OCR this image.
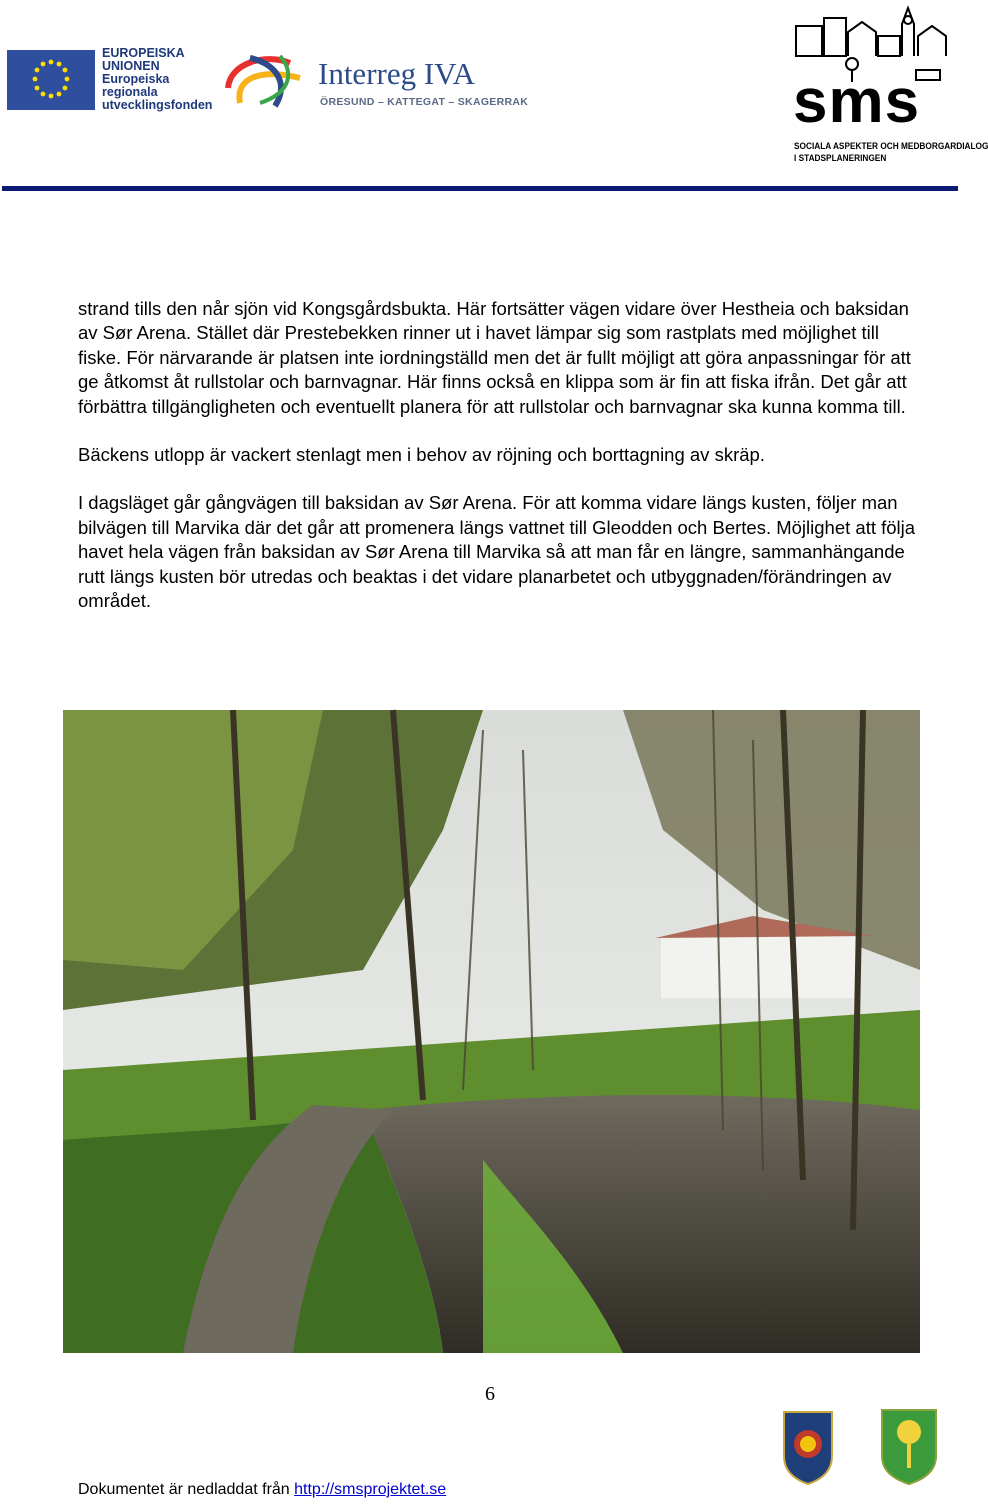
EUROPEISKA
UNIONEN
Europeiska
regionala
utvecklingsfonden
Interreg IVA
ÖRESUND – KATTEGAT – SKAGERRAK	sms
SOCIALA ASPEKTER OCH MEDBORGARDIALOG
I STADSPLANERINGEN

strand tills den når sjön vid Kongsgårdsbukta. Här fortsätter vägen vidare över Hestheia och baksidan av Sør Arena. Stället där Prestebekken rinner ut i havet lämpar sig som rastplats med möjlighet till fiske. För närvarande är platsen inte iordningställd men det är fullt möjligt att göra anpassningar för att ge åtkomst åt rullstolar och barnvagnar. Här finns också en klippa som är fin att fiska ifrån. Det går att förbättra tillgängligheten och eventuellt planera för att rullstolar och barnvagnar ska kunna komma till.

Bäckens utlopp är vackert stenlagt men i behov av röjning och borttagning av skräp.

I dagsläget går gångvägen till baksidan av Sør Arena. För att komma vidare längs kusten, följer man bilvägen till Marvika där det går att promenera längs vattnet till Gleodden och Bertes. Möjlighet att följa havet hela vägen från baksidan av Sør Arena till Marvika så att man får en längre, sammanhängande rutt längs kusten bör utredas och beaktas i det vidare planarbetet och utbyggnaden/förändringen av området.

6
Dokumentet är nedladdat från http://smsprojektet.se
